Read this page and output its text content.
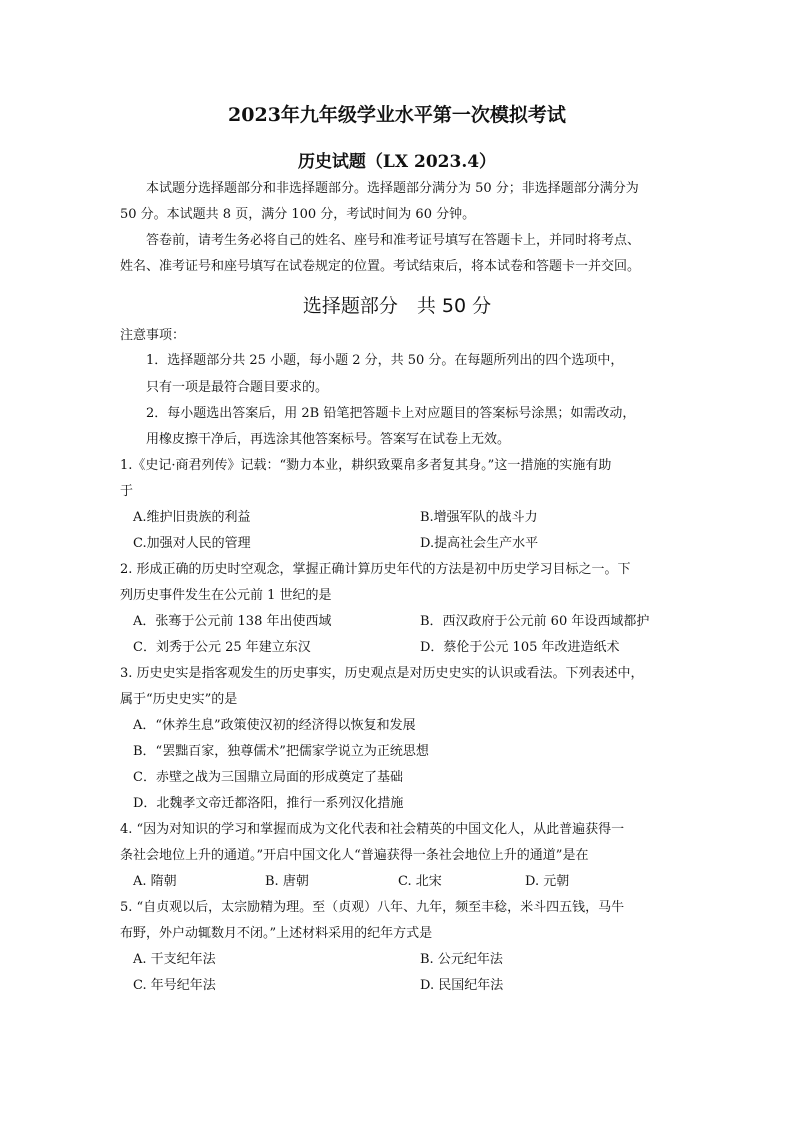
2023年九年级学业水平第一次模拟考试
历史试题（LX 2023.4）
本试题分选择题部分和非选择题部分。选择题部分满分为 50 分；非选择题部分满分为
50 分。本试题共 8 页，满分 100 分，考试时间为 60 分钟。
答卷前，请考生务必将自己的姓名、座号和准考证号填写在答题卡上，并同时将考点、
姓名、准考证号和座号填写在试卷规定的位置。考试结束后，将本试卷和答题卡一并交回。
选择题部分　共 50 分
注意事项：
1．选择题部分共 25 小题，每小题 2 分，共 50 分。在每题所列出的四个选项中，
只有一项是最符合题目要求的。
2．每小题选出答案后，用 2B 铅笔把答题卡上对应题目的答案标号涂黑；如需改动，
用橡皮擦干净后，再选涂其他答案标号。答案写在试卷上无效。
1.《史记·商君列传》记载：“勠力本业，耕织致粟帛多者复其身。”这一措施的实施有助
于
A.维护旧贵族的利益	B.增强军队的战斗力
C.加强对人民的管理	D.提高社会生产水平
2. 形成正确的历史时空观念，掌握正确计算历史年代的方法是初中历史学习目标之一。下
列历史事件发生在公元前 1 世纪的是
A．张骞于公元前 138 年出使西域	B．西汉政府于公元前 60 年设西域都护
C．刘秀于公元 25 年建立东汉	D．蔡伦于公元 105 年改进造纸术
3. 历史史实是指客观发生的历史事实，历史观点是对历史史实的认识或看法。下列表述中，
属于“历史史实”的是
A．“休养生息”政策使汉初的经济得以恢复和发展
B．“罢黜百家，独尊儒术”把儒家学说立为正统思想
C．赤壁之战为三国鼎立局面的形成奠定了基础
D．北魏孝文帝迁都洛阳，推行一系列汉化措施
4. “因为对知识的学习和掌握而成为文化代表和社会精英的中国文化人，从此普遍获得一
条社会地位上升的通道。”开启中国文化人“普遍获得一条社会地位上升的通道”是在
A. 隋朝	B. 唐朝	C. 北宋	D. 元朝
5. “自贞观以后，太宗励精为理。至（贞观）八年、九年，频至丰稔，米斗四五钱，马牛
布野，外户动辄数月不闭。”上述材料采用的纪年方式是
A. 干支纪年法	B. 公元纪年法
C. 年号纪年法	D. 民国纪年法
